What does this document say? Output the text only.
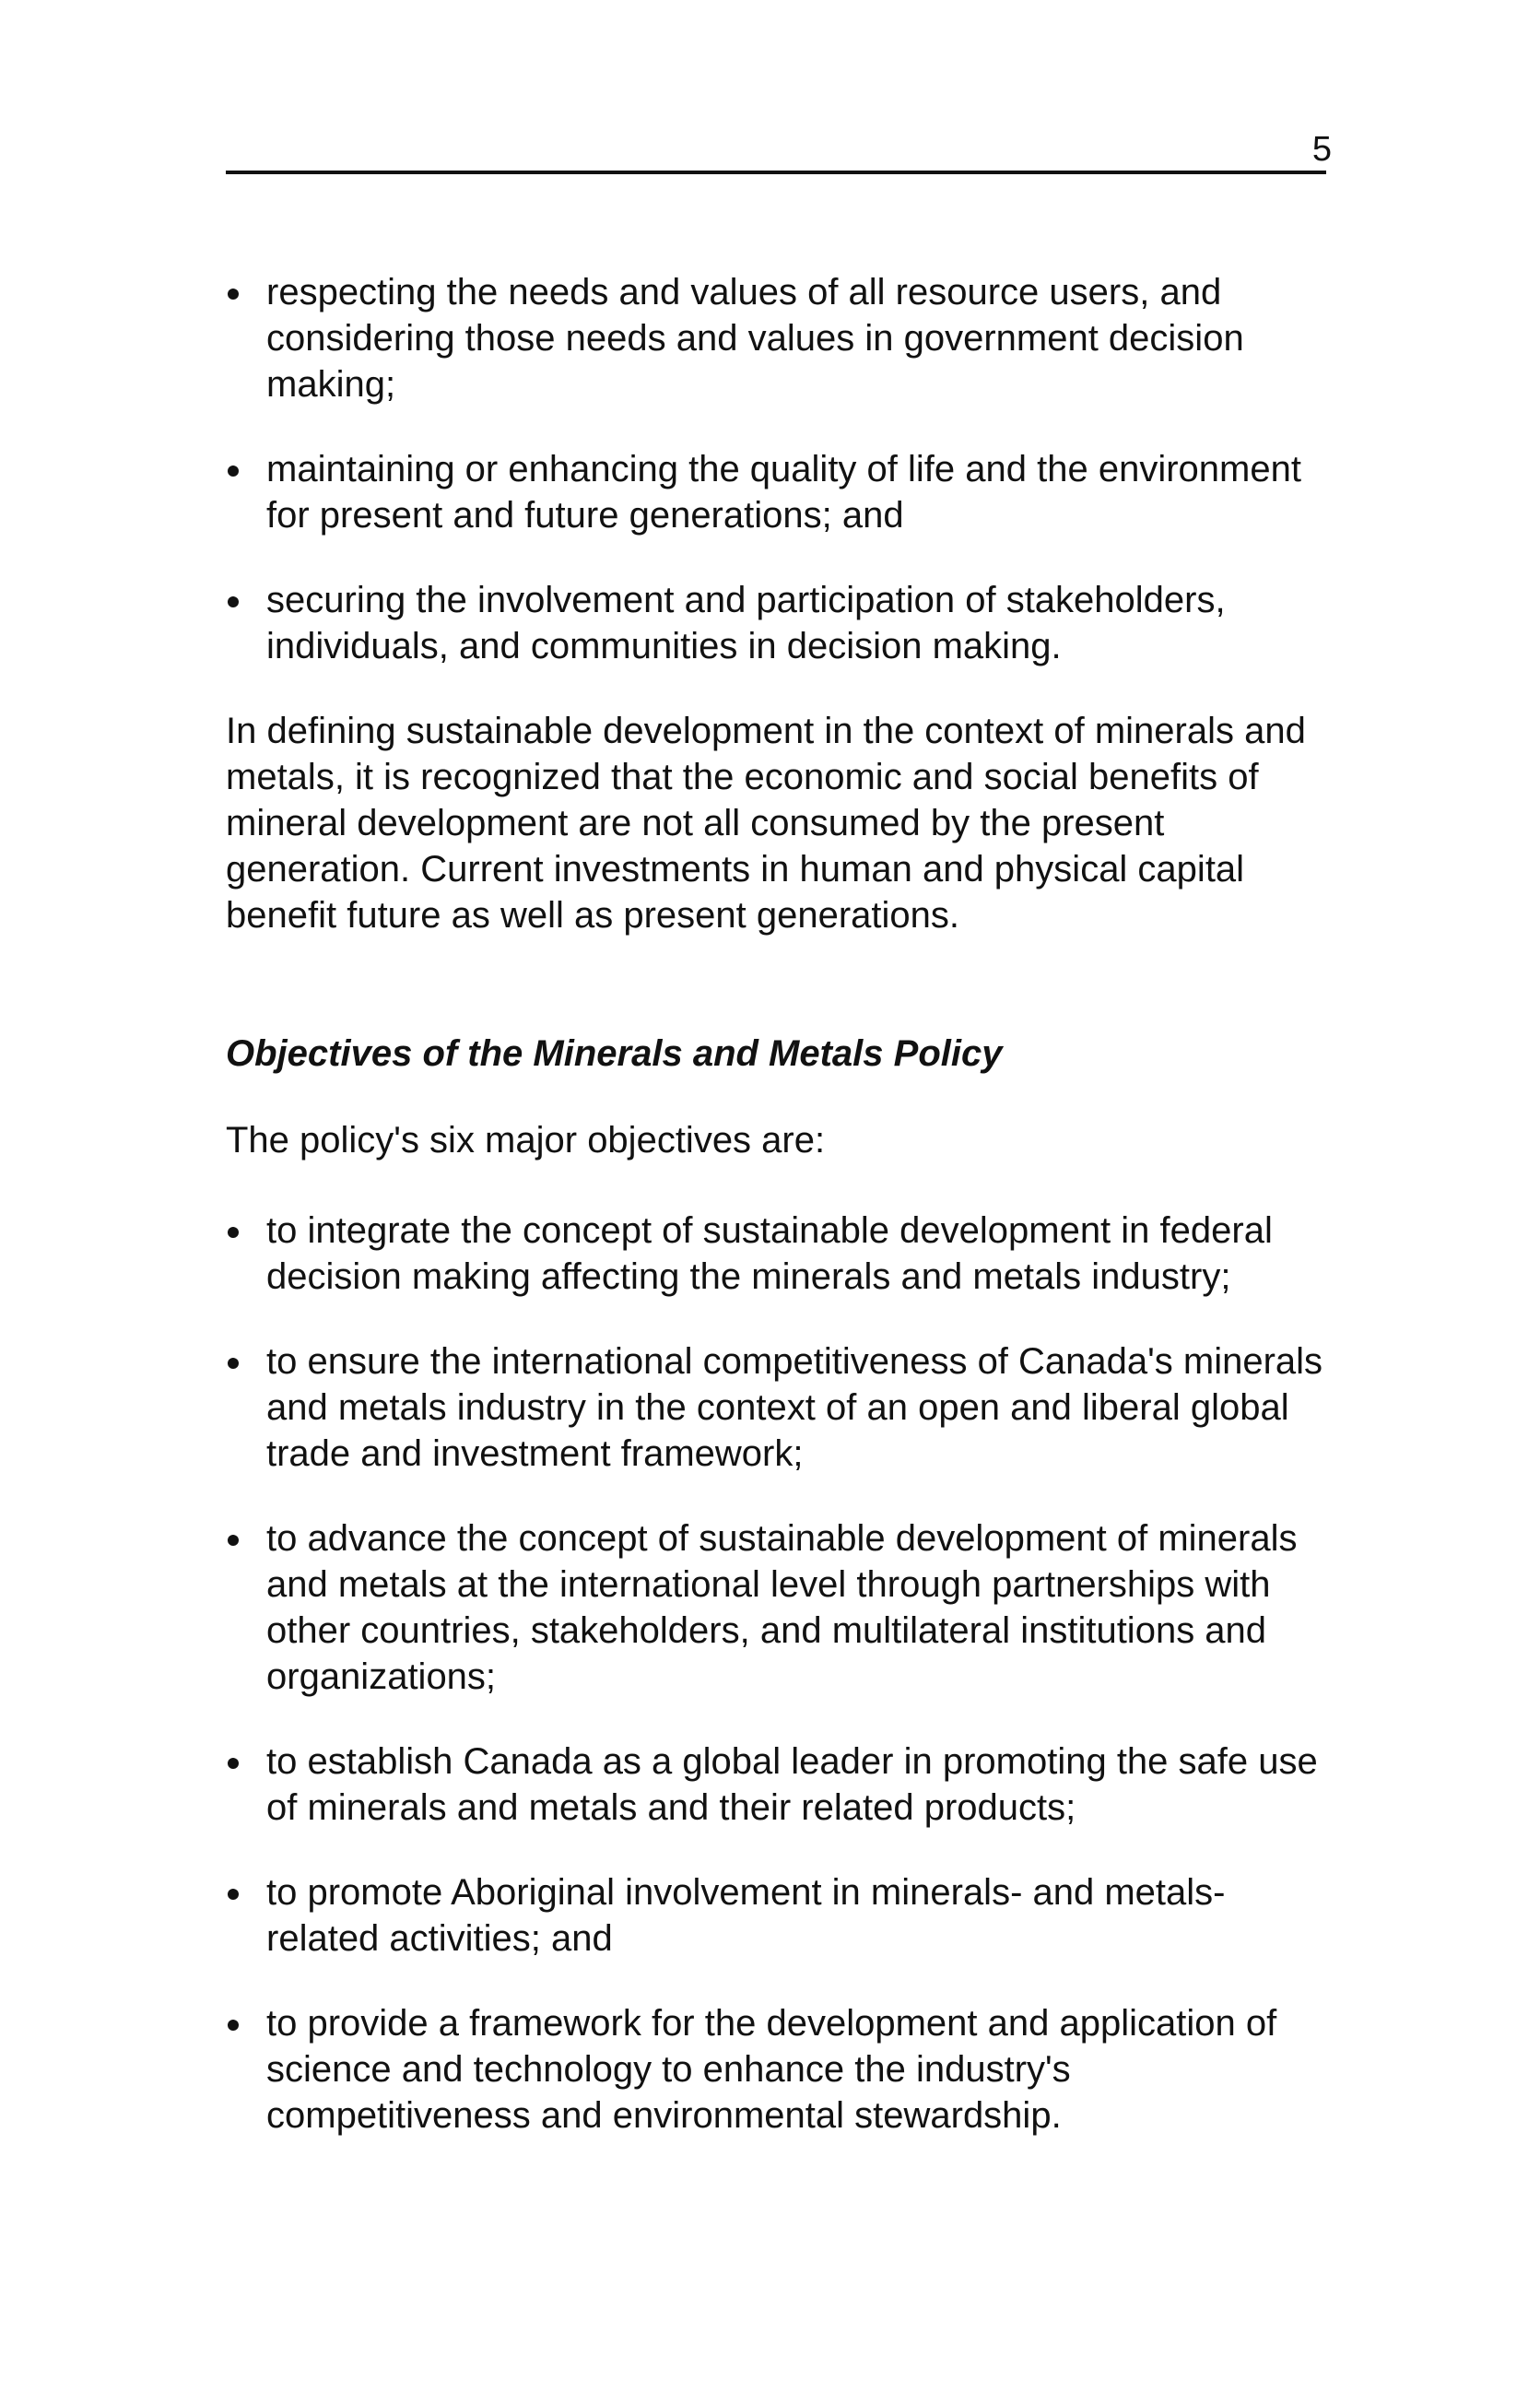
5
respecting the needs and values of all resource users, and considering those needs and values in government decision making;
maintaining or enhancing the quality of life and the environment for present and future generations; and
securing the involvement and participation of stakeholders, individuals, and communities in decision making.

In defining sustainable development in the context of minerals and metals, it is recognized that the economic and social benefits of mineral development are not all consumed by the present generation. Current investments in human and physical capital benefit future as well as present generations.

Objectives of the Minerals and Metals Policy

The policy's six major objectives are:

to integrate the concept of sustainable development in federal decision making affecting the minerals and metals industry;
to ensure the international competitiveness of Canada's minerals and metals industry in the context of an open and liberal global trade and investment framework;
to advance the concept of sustainable development of minerals and metals at the international level through partnerships with other countries, stakeholders, and multilateral institutions and organizations;
to establish Canada as a global leader in promoting the safe use of minerals and metals and their related products;
to promote Aboriginal involvement in minerals- and metals-related activities; and
to provide a framework for the development and application of science and technology to enhance the industry's competitiveness and environmental stewardship.
